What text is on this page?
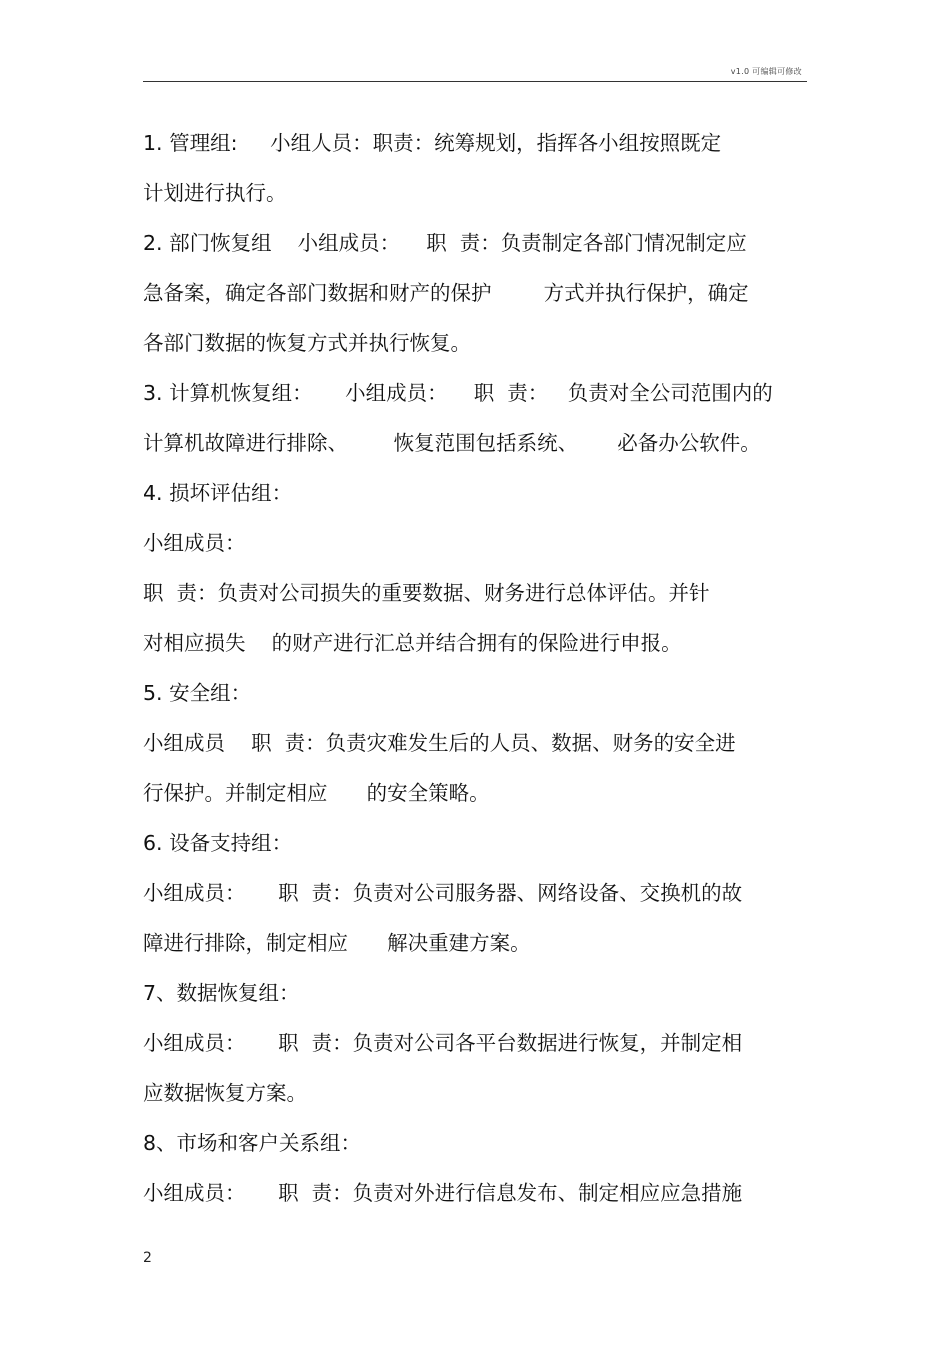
v1.0 可编辑可修改
1. 管理组:     小组人员：职责：统筹规划，指挥各小组按照既定
计划进行执行。
2. 部门恢复组    小组成员：    职  责：负责制定各部门情况制定应
急备案，确定各部门数据和财产的保护        方式并执行保护，确定
各部门数据的恢复方式并执行恢复。
3. 计算机恢复组：     小组成员：    职  责：   负责对全公司范围内的
计算机故障进行排除、       恢复范围包括系统、      必备办公软件。
4. 损坏评估组：
小组成员：
职  责：负责对公司损失的重要数据、财务进行总体评估。并针
对相应损失    的财产进行汇总并结合拥有的保险进行申报。
5. 安全组：
小组成员    职  责：负责灾难发生后的人员、数据、财务的安全进
行保护。并制定相应      的安全策略。
6. 设备支持组：
小组成员：     职  责：负责对公司服务器、网络设备、交换机的故
障进行排除，制定相应      解决重建方案。
7、数据恢复组：
小组成员：     职  责：负责对公司各平台数据进行恢复，并制定相
应数据恢复方案。
8、市场和客户关系组：
小组成员：     职  责：负责对外进行信息发布、制定相应应急措施
2
